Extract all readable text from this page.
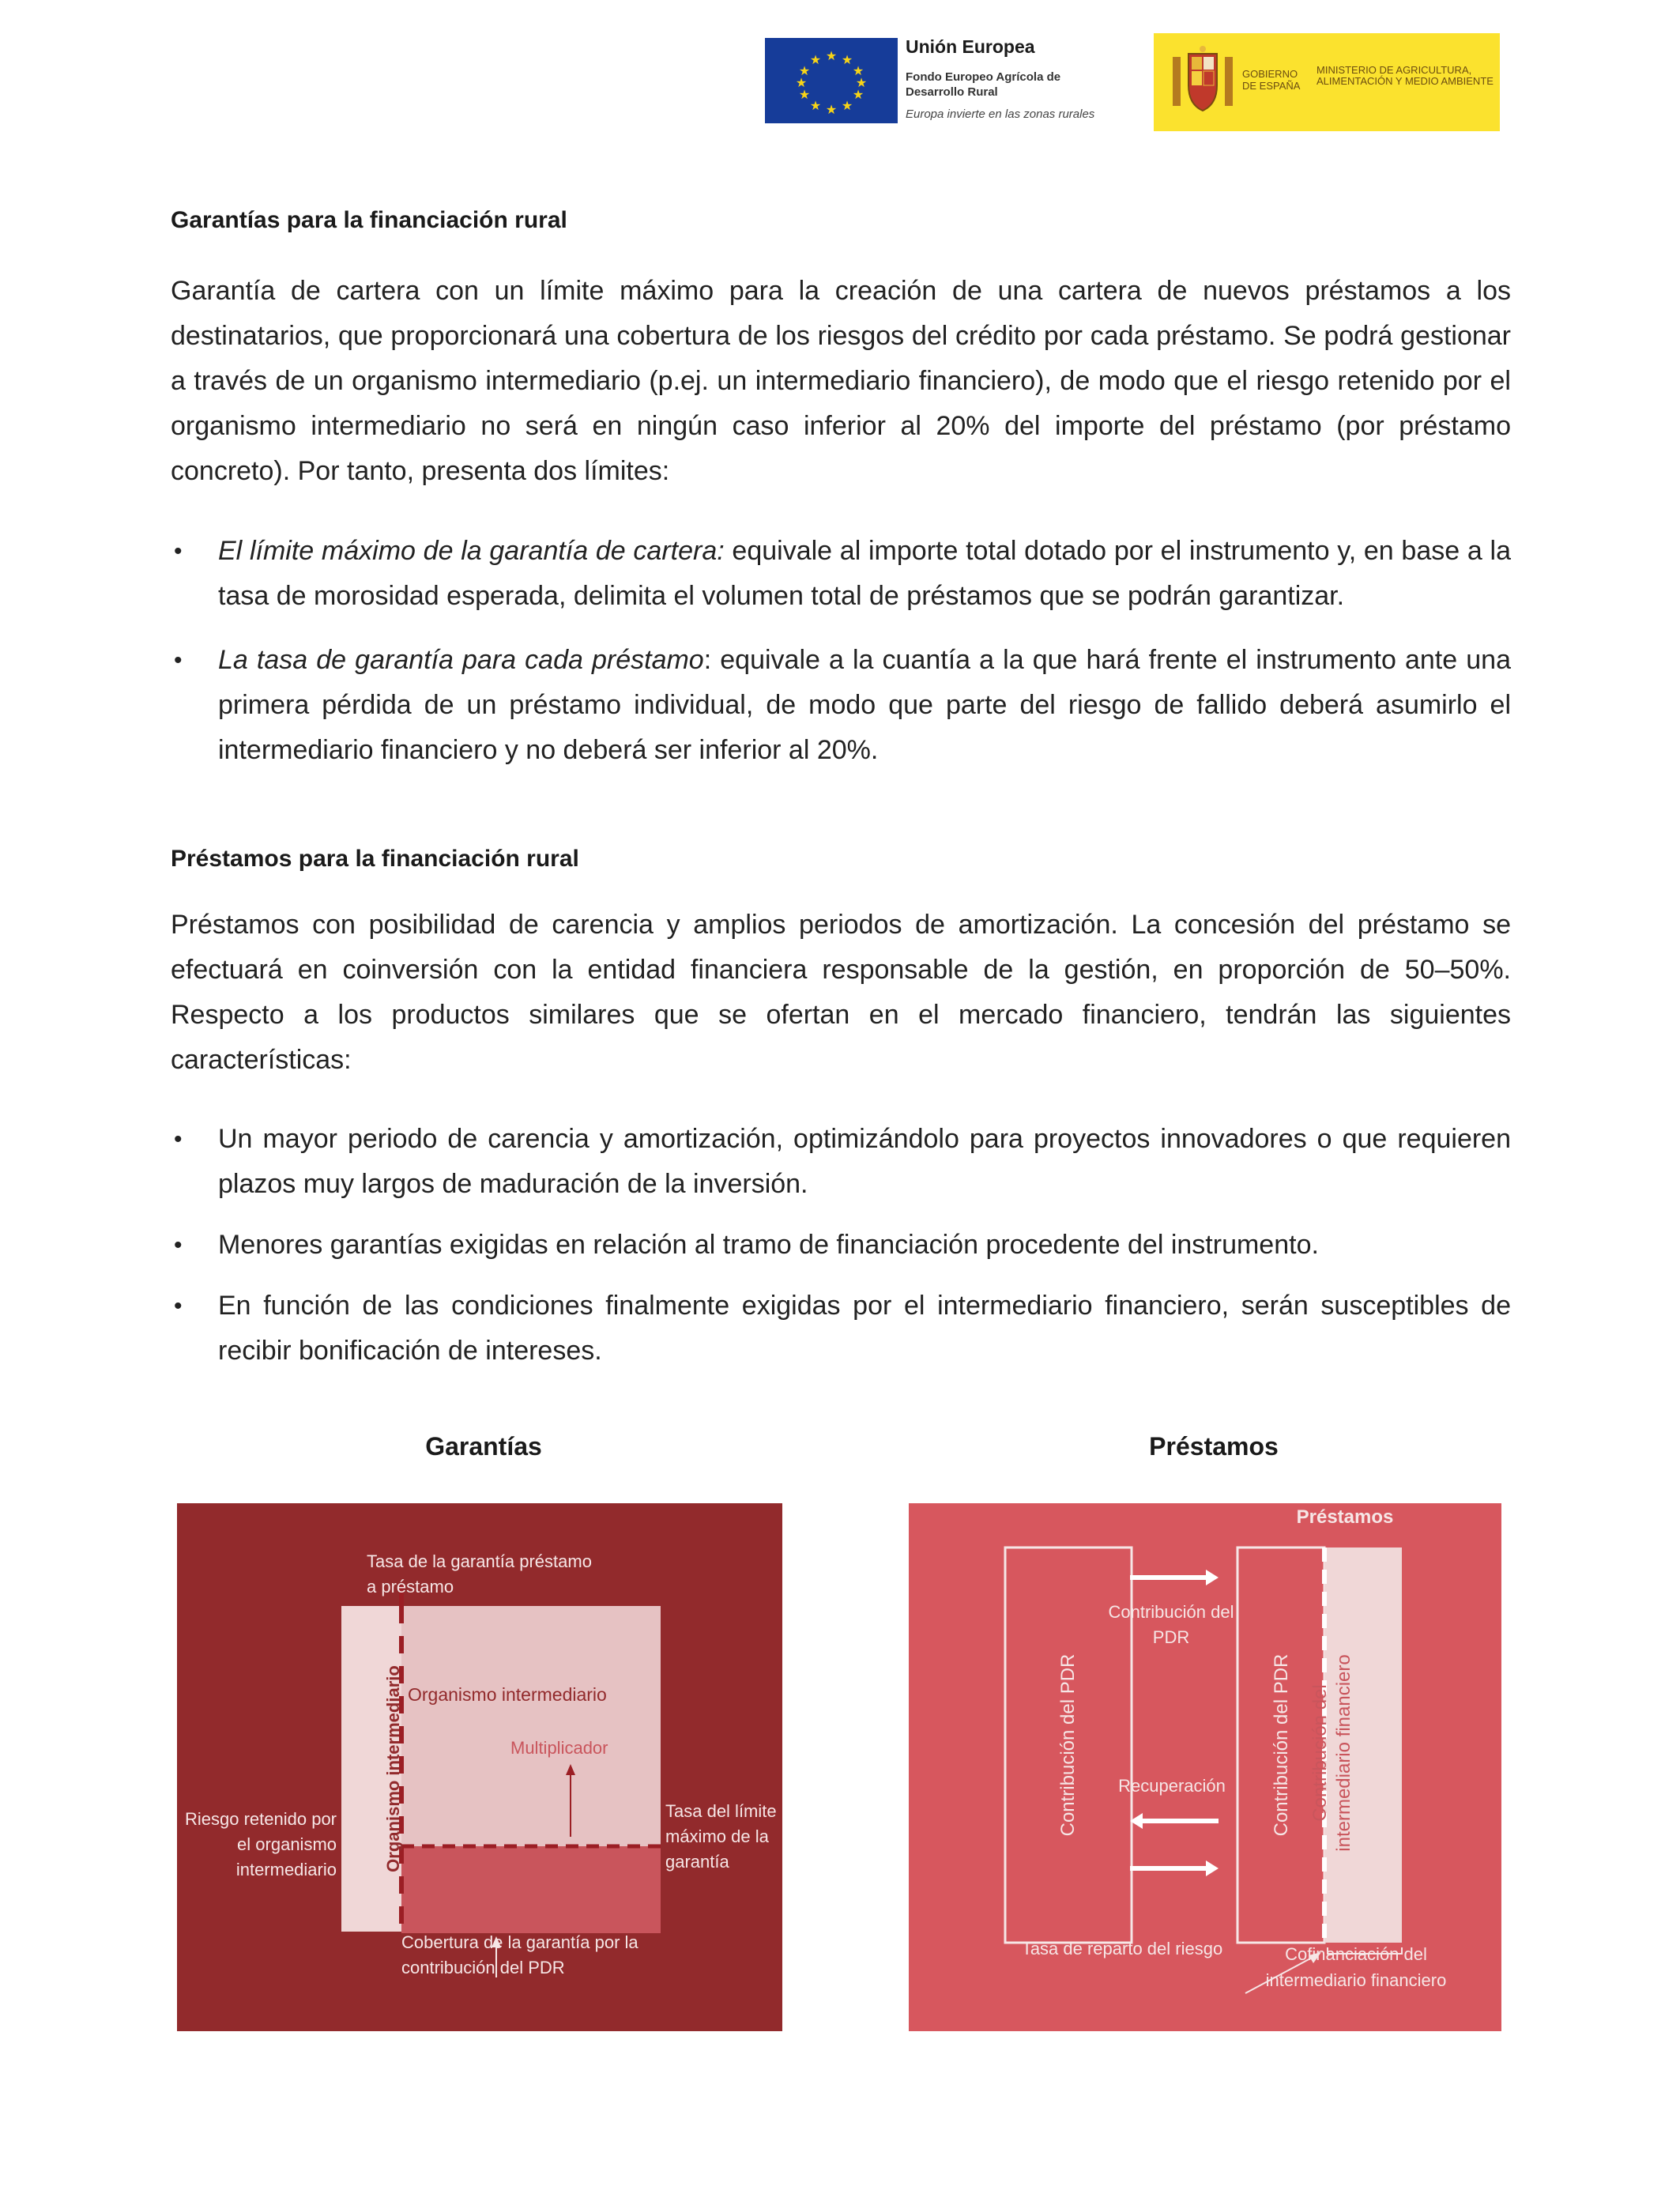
★ ★
★
★
★
★
★
★
★
★
★
★
Unión Europea
Fondo Europeo Agrícola de Desarrollo Rural
Europa invierte en las zonas rurales
GOBIERNO DE ESPAÑA
MINISTERIO DE AGRICULTURA, ALIMENTACIÓN Y MEDIO AMBIENTE
Garantías para la financiación rural

Garantía de cartera con un límite máximo para la creación de una cartera de nuevos préstamos a los destinatarios, que proporcionará una cobertura de los riesgos del crédito por cada préstamo. Se podrá gestionar a través de un organismo intermediario (p.ej. un intermediario financiero), de modo que el riesgo retenido por el organismo intermediario no será en ningún caso inferior al 20% del importe del préstamo (por préstamo concreto). Por tanto, presenta dos límites:

• El límite máximo de la garantía de cartera: equivale al importe total dotado por el instrumento y, en base a la tasa de morosidad esperada, delimita el volumen total de préstamos que se podrán garantizar.
• La tasa de garantía para cada préstamo: equivale a la cuantía a la que hará frente el instrumento ante una primera pérdida de un préstamo individual, de modo que parte del riesgo de fallido deberá asumirlo el intermediario financiero y no deberá ser inferior al 20%.
Préstamos para la financiación rural

Préstamos con posibilidad de carencia y amplios periodos de amortización. La concesión del préstamo se efectuará en coinversión con la entidad financiera responsable de la gestión, en proporción de 50–50%. Respecto a los productos similares que se ofertan en el mercado financiero, tendrán las siguientes características:

• Un mayor periodo de carencia y amortización, optimizándolo para proyectos innovadores o que requieren plazos muy largos de maduración de la inversión.
• Menores garantías exigidas en relación al tramo de financiación procedente del instrumento.
• En función de las condiciones finalmente exigidas por el intermediario financiero, serán susceptibles de recibir bonificación de intereses.
Garantías	Préstamos
Tasa de la garantía préstamo a préstamo
Organismo intermediario Organismo intermediario
Multiplicador
Riesgo retenido por el organismo intermediario
Tasa del límite máximo de la garantía
Cobertura de la garantía por la contribución del PDR
Préstamos
Contribución del PDR
Contribución del PDR
Recuperación	Contribución del PDR Contribución del intermediario financiero
Tasa de reparto del riesgo	Cofinanciación del intermediario financiero
